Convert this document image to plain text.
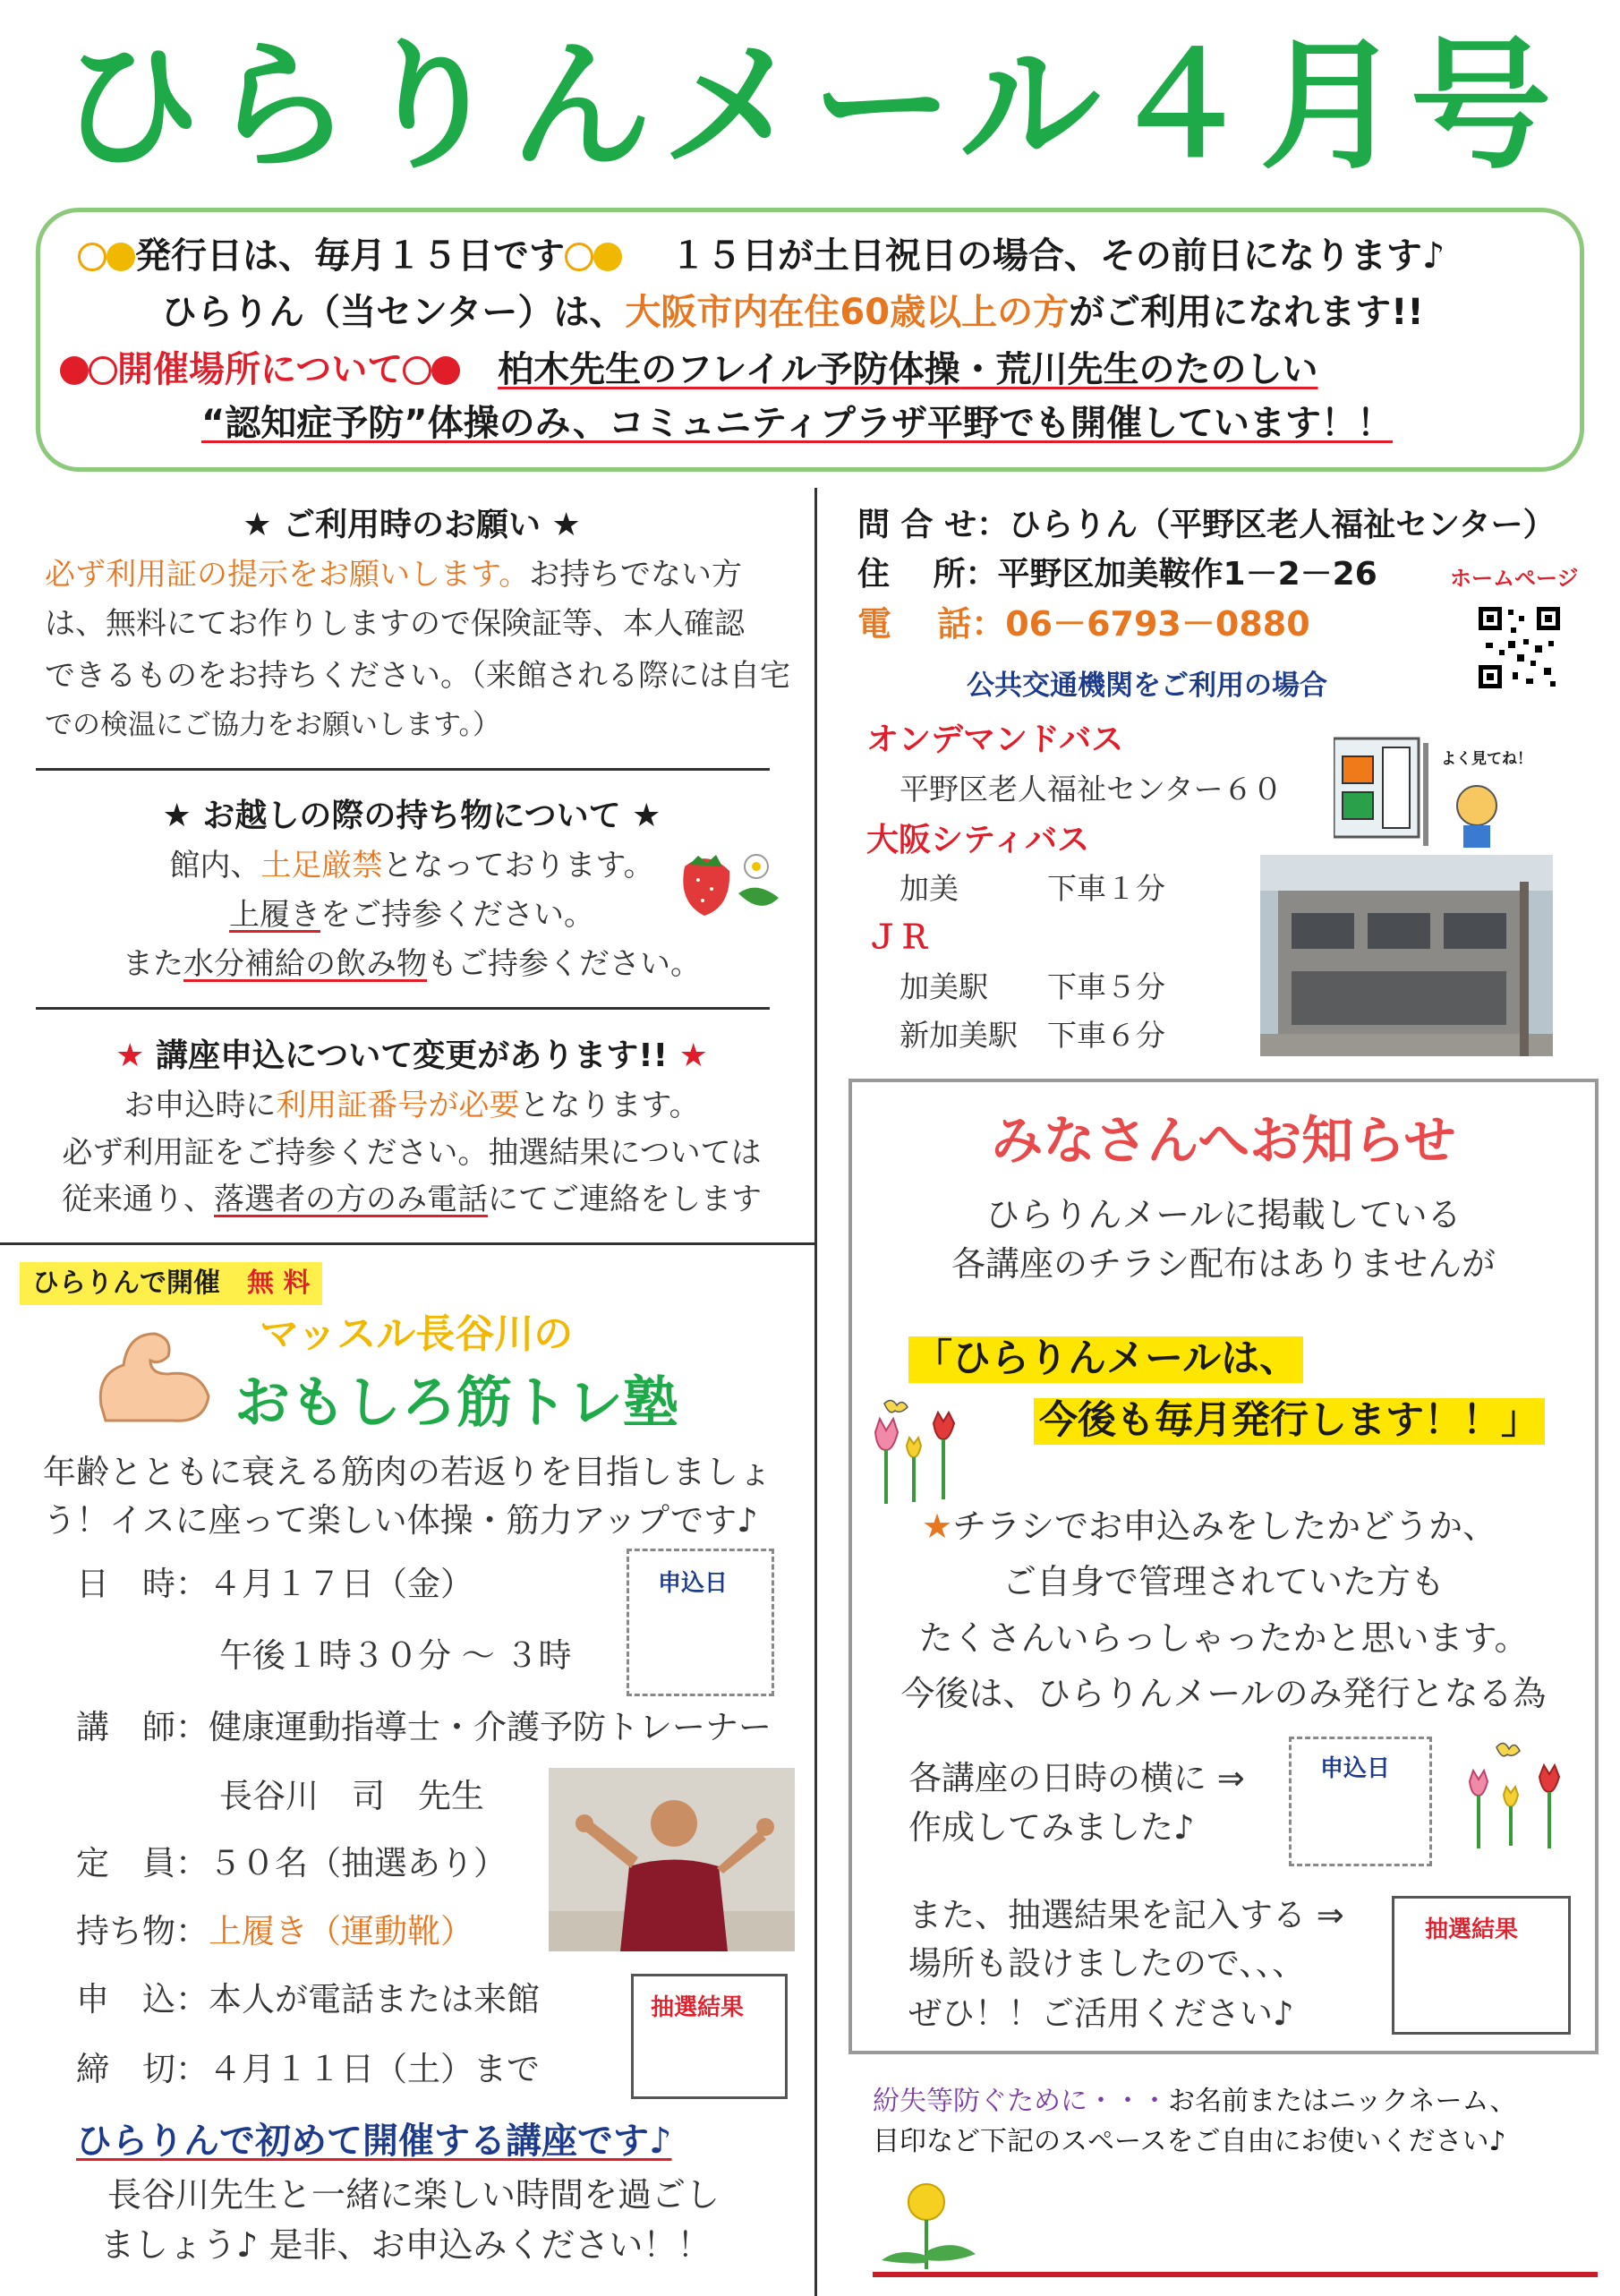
ひらりんメール４月号
発行日は、毎月１５日です	１５日が土日祝日の場合、その前日になります♪
ひらりん（当センター）は、大阪市内在住60歳以上の方がご利用になれます!!
開催場所について	柏木先生のフレイル予防体操・荒川先生のたのしい
“認知症予防”体操のみ、コミュニティプラザ平野でも開催しています！！
★ ご利用時のお願い ★
必ず利用証の提示をお願いします。お持ちでない方
は、無料にてお作りしますので保険証等、本人確認
できるものをお持ちください。（来館される際には自宅
での検温にご協力をお願いします。）
★ お越しの際の持ち物について ★
館内、土足厳禁となっております。
上履きをご持参ください。
また水分補給の飲み物もご持参ください。
★ 講座申込について変更があります!! ★
お申込時に利用証番号が必要となります。
必ず利用証をご持参ください。抽選結果については
従来通り、落選者の方のみ電話にてご連絡をします
ひらりんで開催　 無 料
マッスル長谷川の
おもしろ筋トレ塾
年齢とともに衰える筋肉の若返りを目指しましょ
う！イスに座って楽しい体操・筋力アップです♪
日　時：４月１７日（金）
午後１時３０分 ～ ３時
申込日
講　師：健康運動指導士・介護予防トレーナー
長谷川　司　先生
定　員：５０名（抽選あり）
持ち物：上履き（運動靴）
申　込：本人が電話または来館
締　切：４月１１日（土）まで
抽選結果
ひらりんで初めて開催する講座です♪
長谷川先生と一緒に楽しい時間を過ごし
ましょう♪ 是非、お申込みください！！
問 合 せ：ひらりん（平野区老人福祉センター）
住　 所：平野区加美鞍作1－2－26	ホームページ
電　 話：06－6793－0880
公共交通機関をご利用の場合
オンデマンドバス
平野区老人福祉センター６０
大阪シティバス
加美	下車１分
ＪＲ
加美駅 下車５分
新加美駅 下車６分
よく見てね！
みなさんへお知らせ
ひらりんメールに掲載している
各講座のチラシ配布はありませんが
「ひらりんメールは、
今後も毎月発行します！！」
★チラシでお申込みをしたかどうか、
ご自身で管理されていた方も
たくさんいらっしゃったかと思います。
今後は、ひらりんメールのみ発行となる為
各講座の日時の横に ⇒
作成してみました♪
申込日
また、抽選結果を記入する ⇒
場所も設けましたので、、、
ぜひ！！ご活用ください♪
抽選結果
紛失等防ぐために・・・お名前またはニックネーム、
目印など下記のスペースをご自由にお使いください♪
